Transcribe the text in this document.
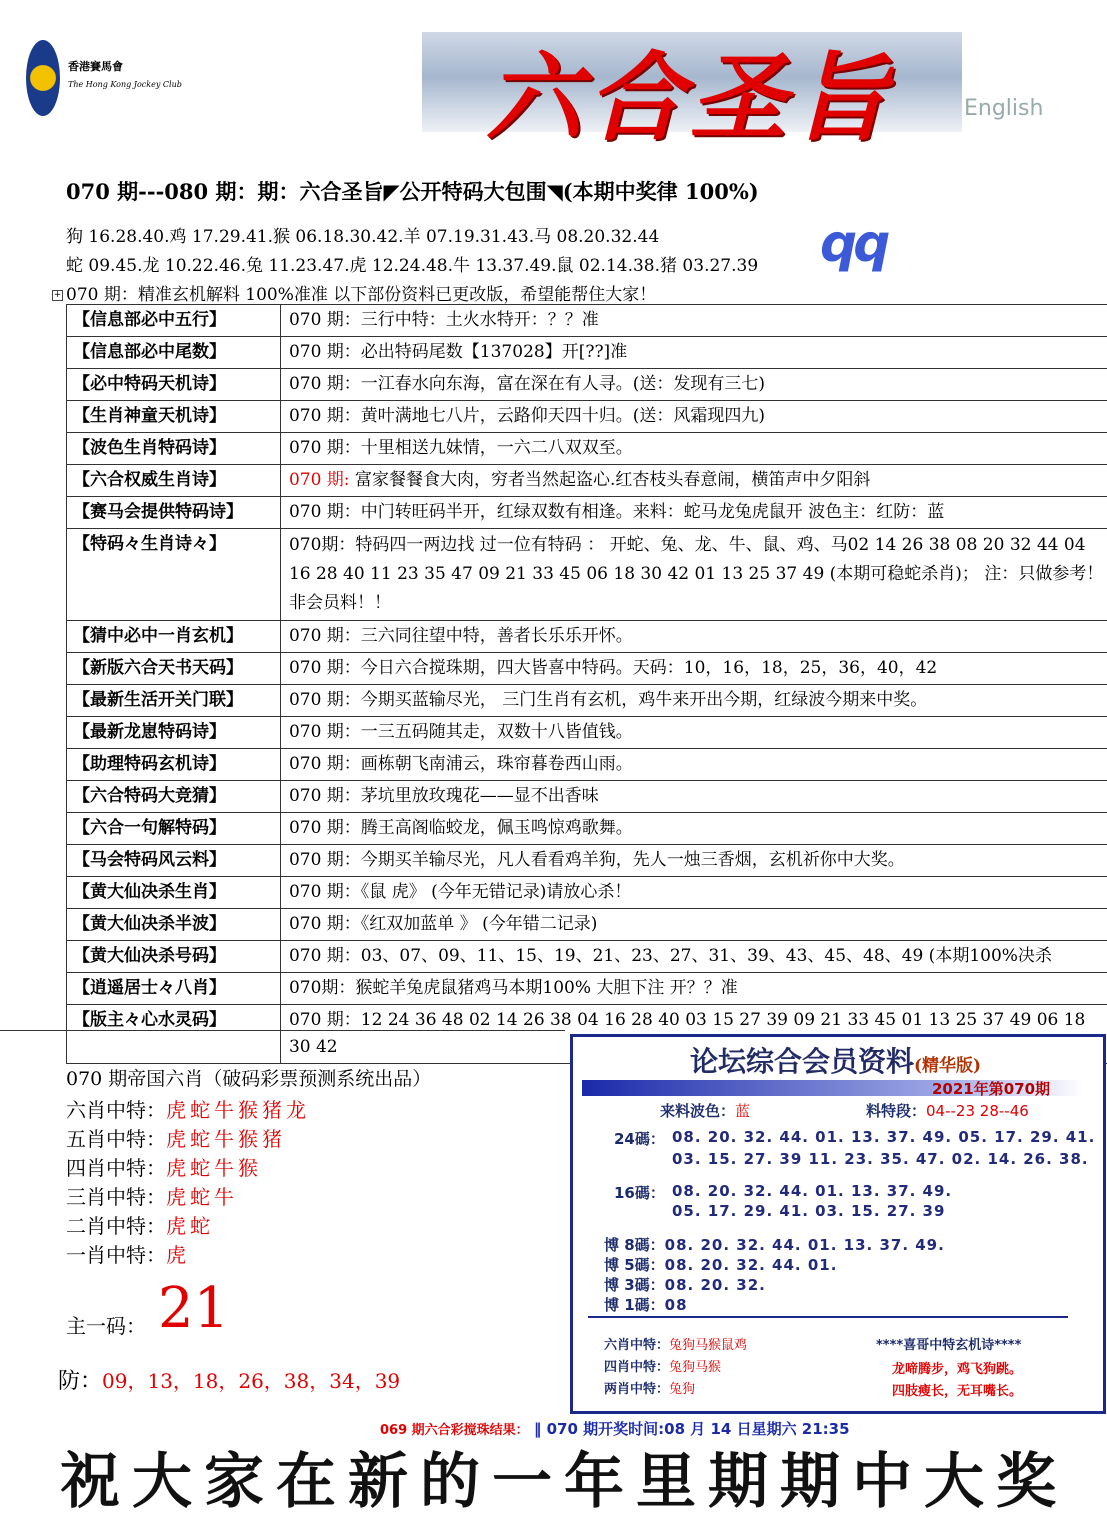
香港賽馬會
The Hong Kong Jockey Club	六合圣旨	English
070 期---080 期：期：六合圣旨◤公开特码大包围◥(本期中奖律 100%)
狗 16.28.40.鸡 17.29.41.猴 06.18.30.42.羊 07.19.31.43.马 08.20.32.44
蛇 09.45.龙 10.22.46.兔 11.23.47.虎 12.24.48.牛 13.37.49.鼠 02.14.38.猪 03.27.39 qq
+ 070 期：精准玄机解料 100%准准 以下部份资料已更改版，希望能帮住大家！
【信息部必中五行】	070 期：三行中特：土火水特开：？？准
【信息部必中尾数】	070 期：必出特码尾数【137028】开[??]准
【必中特码天机诗】	070 期：一江春水向东海，富在深在有人寻。(送：发现有三七)
【生肖神童天机诗】	070 期：黄叶满地七八片，云路仰天四十归。(送：风霜现四九)
【波色生肖特码诗】	070 期：十里相送九妹情，一六二八双双至。
【六合权威生肖诗】	070 期: 富家餐餐食大肉，穷者当然起盗心.红杏枝头春意闹，横笛声中夕阳斜
【赛马会提供特码诗】	070 期：中门转旺码半开，红绿双数有相逢。来料：蛇马龙兔虎鼠开 波色主：红防：蓝
【特码々生肖诗々】	070期：特码四一两边找 过一位有特码 ： 开蛇、兔、龙、牛、鼠、鸡、马02 14 26 38 08 20 32 44 04 16 28 40 11 23 35 47 09 21 33 45 06 18 30 42 01 13 25 37 49 (本期可稳蛇杀肖)； 注：只做参考！非会员料！！
【猜中必中一肖玄机】	070 期：三六同往望中特，善者长乐乐开怀。
【新版六合天书天码】	070 期：今日六合搅珠期，四大皆喜中特码。天码：10，16，18，25，36，40，42
【最新生活开关门联】	070 期：今期买蓝输尽光， 三门生肖有玄机，鸡牛来开出今期，红绿波今期来中奖。
【最新龙崽特码诗】	070 期：一三五码随其走，双数十八皆值钱。
【助理特码玄机诗】	070 期：画栋朝飞南浦云，珠帘暮卷西山雨。
【六合特码大竞猜】	070 期：茅坑里放玫瑰花——显不出香味
【六合一句解特码】	070 期：腾王高阁临蛟龙，佩玉鸣惊鸡歌舞。
【马会特码风云料】	070 期：今期买羊输尽光，凡人看看鸡羊狗，先人一烛三香烟，玄机祈你中大奖。
【黄大仙决杀生肖】	070 期：《鼠 虎》 (今年无错记录)请放心杀！
【黄大仙决杀半波】	070 期：《红双加蓝单 》 (今年错二记录)
【黄大仙决杀号码】	070 期：03、07、09、11、15、19、21、23、27、31、39、43、45、48、49 (本期100%决杀
【逍遥居士々八肖】	070期：猴蛇羊兔虎鼠猪鸡马本期100% 大胆下注 开？？准
【版主々心水灵码】	070 期：12 24 36 48 02 14 26 38 04 16 28 40 03 15 27 39 09 21 33 45 01 13 25 37 49 06 18 30 42
070 期帝国六肖（破码彩票预测系统出品）
六肖中特：虎蛇牛猴猪龙
五肖中特：虎蛇牛猴猪
四肖中特：虎蛇牛猴
三肖中特：虎蛇牛
二肖中特：虎蛇
一肖中特：虎
主一码： 21
防：09，13，18，26，38，34，39
论坛综合会员资料(精华版)
2021年第070期
来料波色：蓝	料特段：04--23 28--46
24碼： 08. 20. 32. 44. 01. 13. 37. 49. 05. 17. 29. 41.
03. 15. 27. 39 11. 23. 35. 47. 02. 14. 26. 38.
16碼： 08. 20. 32. 44. 01. 13. 37. 49.
05. 17. 29. 41. 03. 15. 27. 39
博 8碼：08. 20. 32. 44. 01. 13. 37. 49.
博 5碼：08. 20. 32. 44. 01.
博 3碼：08. 20. 32.
博 1碼：08
六肖中特：兔狗马猴鼠鸡
四肖中特：兔狗马猴
两肖中特：兔狗
****喜哥中特玄机诗****
龙啼腾步，鸡飞狗跳。
四肢瘦长，无耳嘴长。
069 期六合彩搅珠结果： ‖ 070 期开奖时间:08 月 14 日星期六 21:35
祝大家在新的一年里期期中大奖
